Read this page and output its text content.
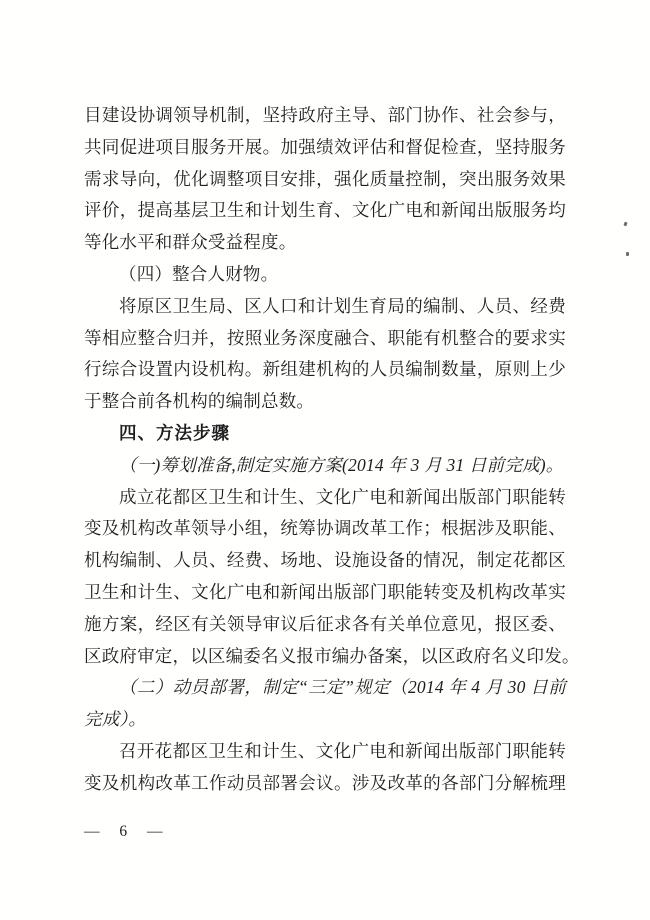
目建设协调领导机制，坚持政府主导、部门协作、社会参与，
共同促进项目服务开展。加强绩效评估和督促检查，坚持服务
需求导向，优化调整项目安排，强化质量控制，突出服务效果
评价，提高基层卫生和计划生育、文化广电和新闻出版服务均
等化水平和群众受益程度。
（四）整合人财物。
将原区卫生局、区人口和计划生育局的编制、人员、经费
等相应整合归并，按照业务深度融合、职能有机整合的要求实
行综合设置内设机构。新组建机构的人员编制数量，原则上少
于整合前各机构的编制总数。
四、方法步骤
（一)筹划准备,制定实施方案(2014 年 3 月 31 日前完成)。
成立花都区卫生和计生、文化广电和新闻出版部门职能转
变及机构改革领导小组，统筹协调改革工作；根据涉及职能、
机构编制、人员、经费、场地、设施设备的情况，制定花都区
卫生和计生、文化广电和新闻出版部门职能转变及机构改革实
施方案，经区有关领导审议后征求各有关单位意见，报区委、
区政府审定，以区编委名义报市编办备案，以区政府名义印发。
（二）动员部署，制定“三定”规定（2014 年 4 月 30 日前
完成）。
召开花都区卫生和计生、文化广电和新闻出版部门职能转
变及机构改革工作动员部署会议。涉及改革的各部门分解梳理
— 6 —
